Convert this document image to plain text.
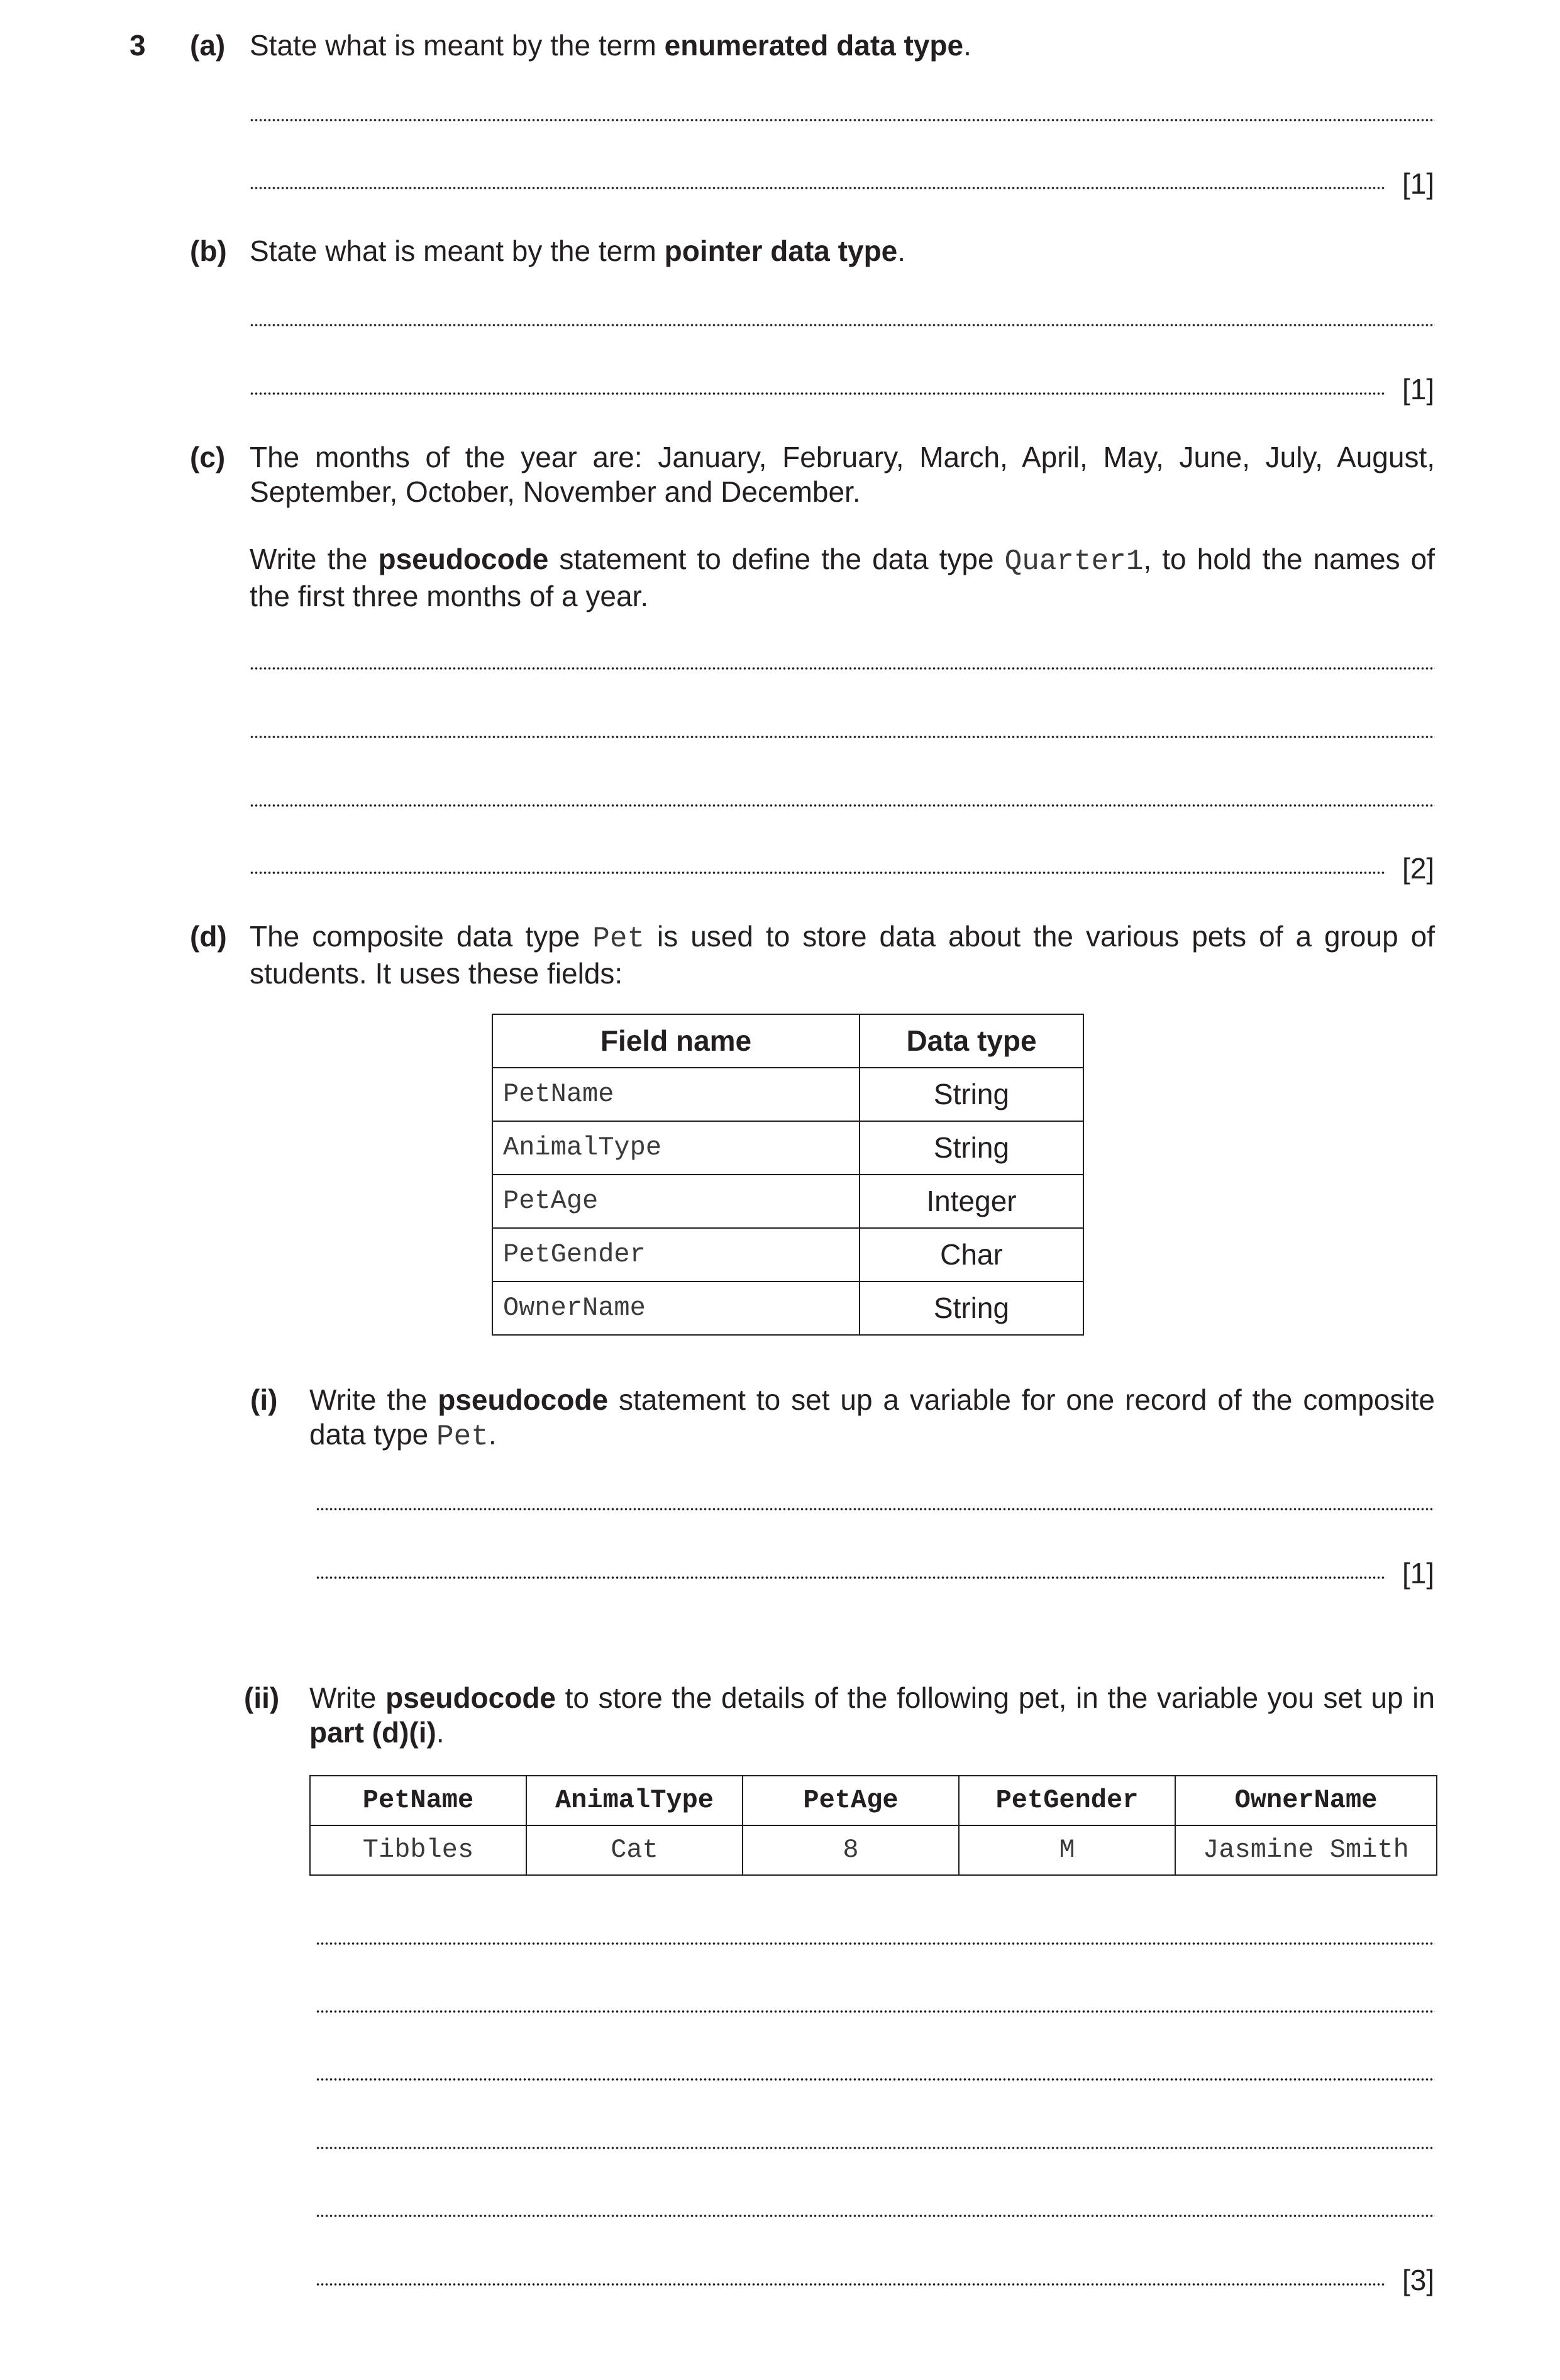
3 (a) State what is meant by the term enumerated data type.
[1]
(b) State what is meant by the term pointer data type.
[1]
(c) The months of the year are: January, February, March, April, May, June, July, August, September, October, November and December.
Write the pseudocode statement to define the data type Quarter1, to hold the names of the first three months of a year.
[2]
(d) The composite data type Pet is used to store data about the various pets of a group of students. It uses these fields:
Field name	Data type
PetName	String
AnimalType	String
PetAge	Integer
PetGender	Char
OwnerName	String
(i) Write the pseudocode statement to set up a variable for one record of the composite data type Pet.
[1]
(ii) Write pseudocode to store the details of the following pet, in the variable you set up in part (d)(i).
PetName	AnimalType	PetAge	PetGender	OwnerName
Tibbles	Cat	8	M	Jasmine Smith
[3]
